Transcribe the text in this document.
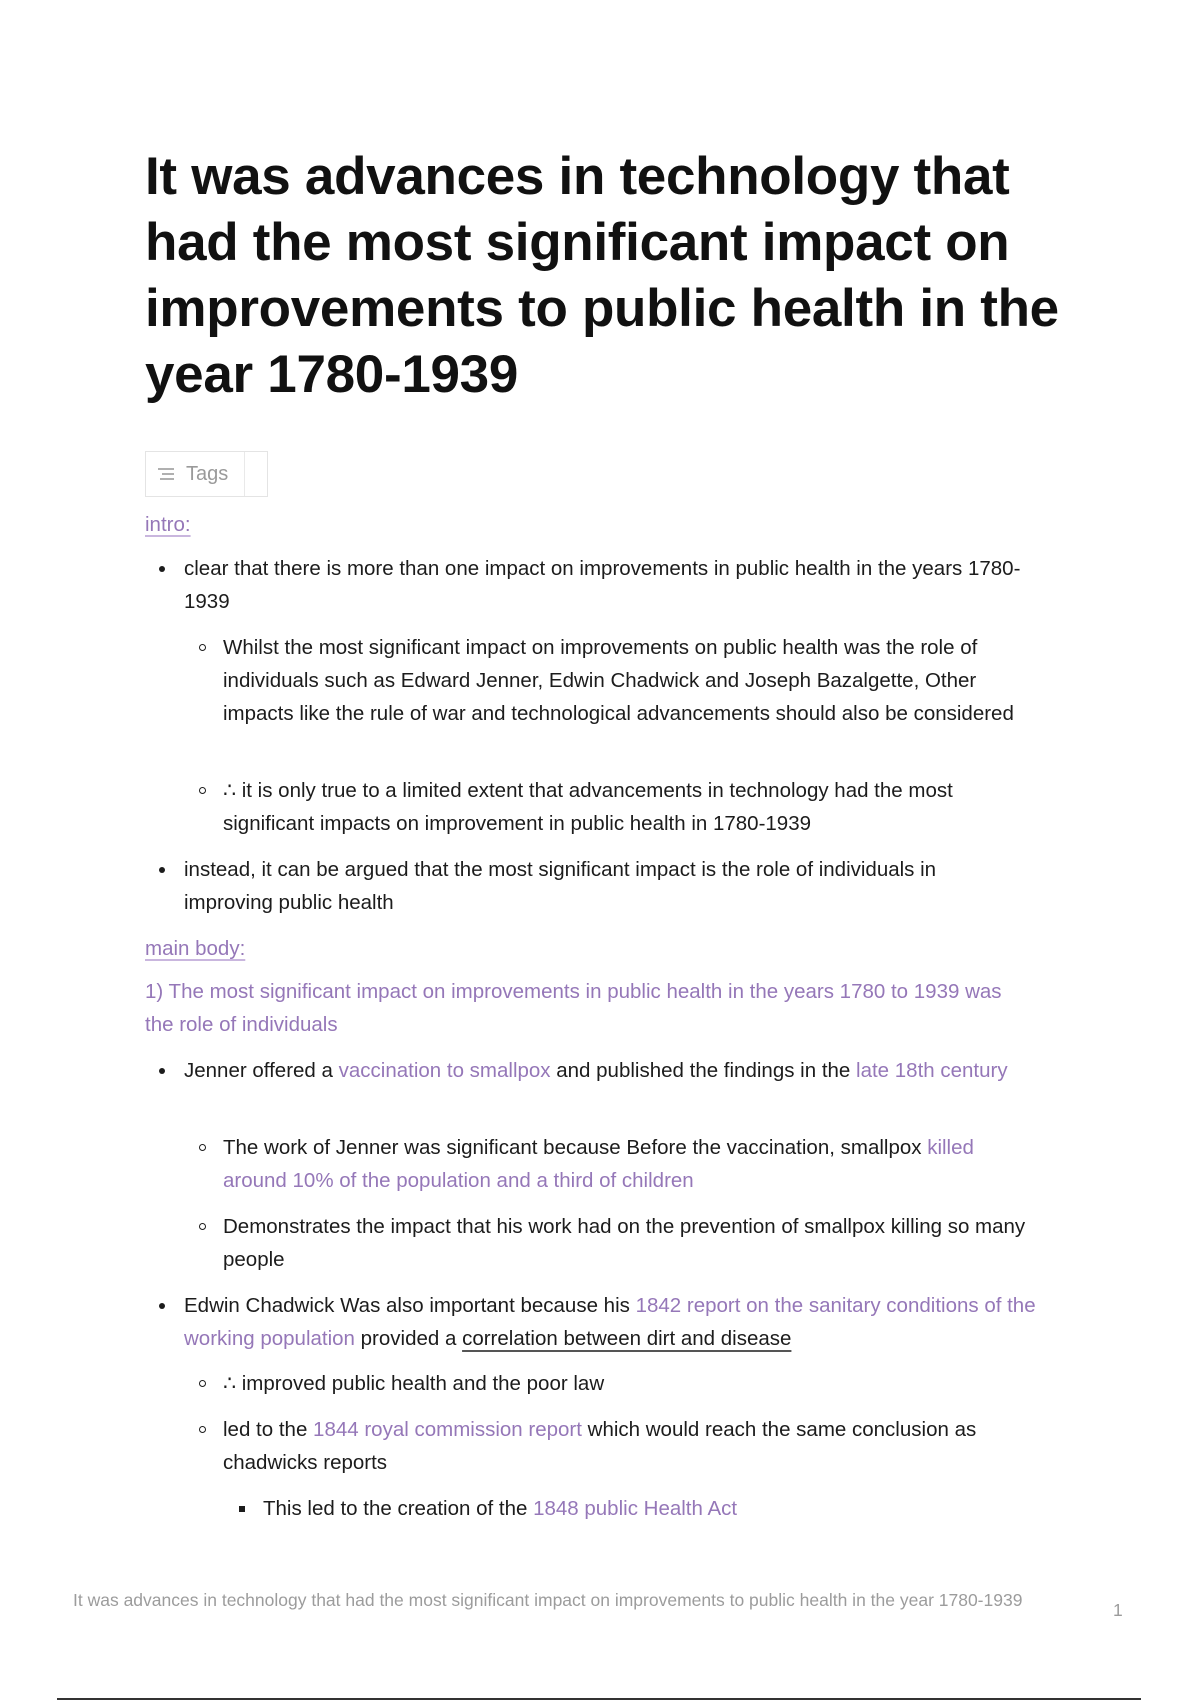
It was advances in technology that had the most significant impact on improvements to public health in the year 1780-1939
Tags

intro:

clear that there is more than one impact on improvements in public health in the years 1780-1939
Whilst the most significant impact on improvements on public health was the role of individuals such as Edward Jenner, Edwin Chadwick and Joseph Bazalgette, Other impacts like the rule of war and technological advancements should also be considered
∴ it is only true to a limited extent that advancements in technology had the most significant impacts on improvement in public health in 1780-1939
instead, it can be argued that the most significant impact is the role of individuals in improving public health

main body:

1) The most significant impact on improvements in public health in the years 1780 to 1939 was the role of individuals

Jenner offered a vaccination to smallpox and published the findings in the late 18th century
The work of Jenner was significant because Before the vaccination, smallpox killed around 10% of the population and a third of children
Demonstrates the impact that his work had on the prevention of smallpox killing so many people
Edwin Chadwick Was also important because his 1842 report on the sanitary conditions of the working population provided a correlation between dirt and disease
∴ improved public health and the poor law
led to the 1844 royal commission report which would reach the same conclusion as chadwicks reports
This led to the creation of the 1848 public Health Act
It was advances in technology that had the most significant impact on improvements to public health in the year 1780-1939	1
